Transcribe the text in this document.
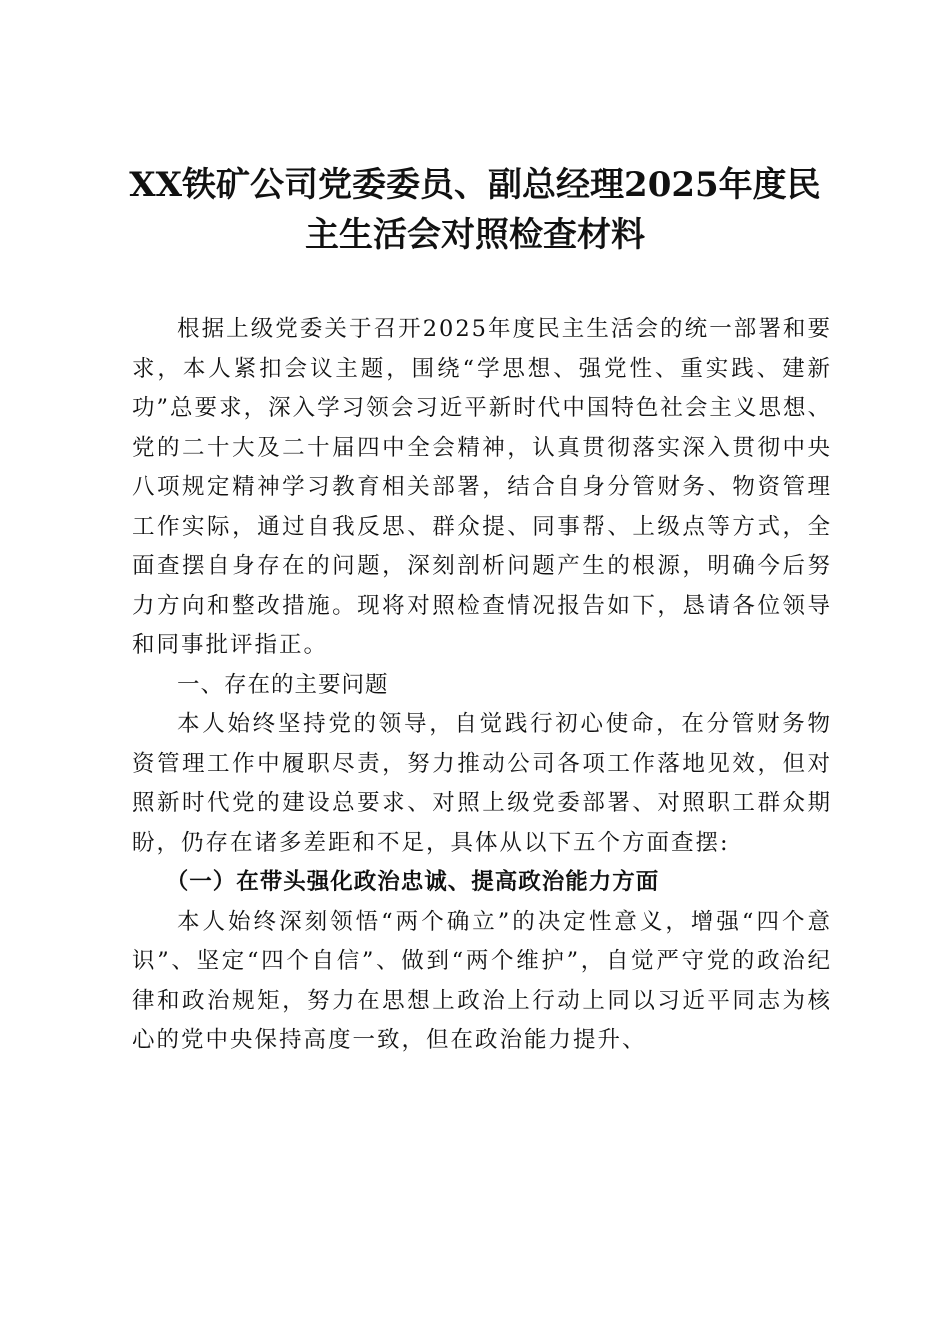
XX铁矿公司党委委员、副总经理2025年度民
主生活会对照检查材料

根据上级党委关于召开2025年度民主生活会的统一部署和要求，本人紧扣会议主题，围绕“学思想、强党性、重实践、建新功”总要求，深入学习领会习近平新时代中国特色社会主义思想、党的二十大及二十届四中全会精神，认真贯彻落实深入贯彻中央八项规定精神学习教育相关部署，结合自身分管财务、物资管理工作实际，通过自我反思、群众提、同事帮、上级点等方式，全面查摆自身存在的问题，深刻剖析问题产生的根源，明确今后努力方向和整改措施。现将对照检查情况报告如下，恳请各位领导和同事批评指正。

一、存在的主要问题

本人始终坚持党的领导，自觉践行初心使命，在分管财务物资管理工作中履职尽责，努力推动公司各项工作落地见效，但对照新时代党的建设总要求、对照上级党委部署、对照职工群众期盼，仍存在诸多差距和不足，具体从以下五个方面查摆:

（一）在带头强化政治忠诚、提高政治能力方面

本人始终深刻领悟“两个确立”的决定性意义，增强“四个意识”、坚定“四个自信”、做到“两个维护”，自觉严守党的政治纪律和政治规矩，努力在思想上政治上行动上同以习近平同志为核心的党中央保持高度一致，但在政治能力提升、
